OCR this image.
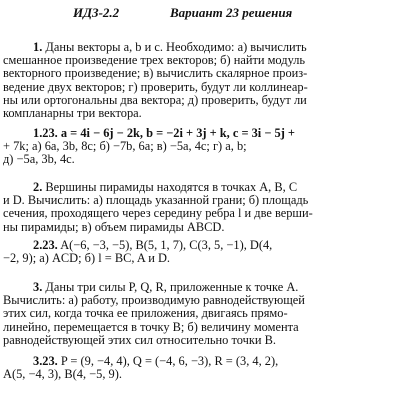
ИДЗ-2.2	Вариант 23 решения
1. Даны векторы a, b и c. Необходимо: а) вычислить
смешанное произведение трех векторов; б) найти модуль
векторного произведение; в) вычислить скалярное произ-
ведение двух векторов; г) проверить, будут ли коллинеар-
ны или ортогональны два вектора; д) проверить, будут ли
компланарны три вектора.
1.23. a = 4i − 6j − 2k, b = −2i + 3j + k, c = 3i − 5j +
+ 7k; а) 6a, 3b, 8c; б) −7b, 6a; в) −5a, 4c; г) a, b;
д) −5a, 3b, 4c.
2. Вершины пирамиды находятся в точках A, B, C
и D. Вычислить: а) площадь указанной грани; б) площадь
сечения, проходящего через середину ребра l и две верши-
ны пирамиды; в) объем пирамиды ABCD.
2.23. A(−6, −3, −5), B(5, 1, 7), C(3, 5, −1), D(4,
−2, 9); а) ACD; б) l = BC, A и D.
3. Даны три силы P, Q, R, приложенные к точке A.
Вычислить: а) работу, производимую равнодействующей
этих сил, когда точка ее приложения, двигаясь прямо-
линейно, перемещается в точку B; б) величину момента
равнодействующей этих сил относительно точки B.
3.23. P = (9, −4, 4), Q = (−4, 6, −3), R = (3, 4, 2),
A(5, −4, 3), B(4, −5, 9).
